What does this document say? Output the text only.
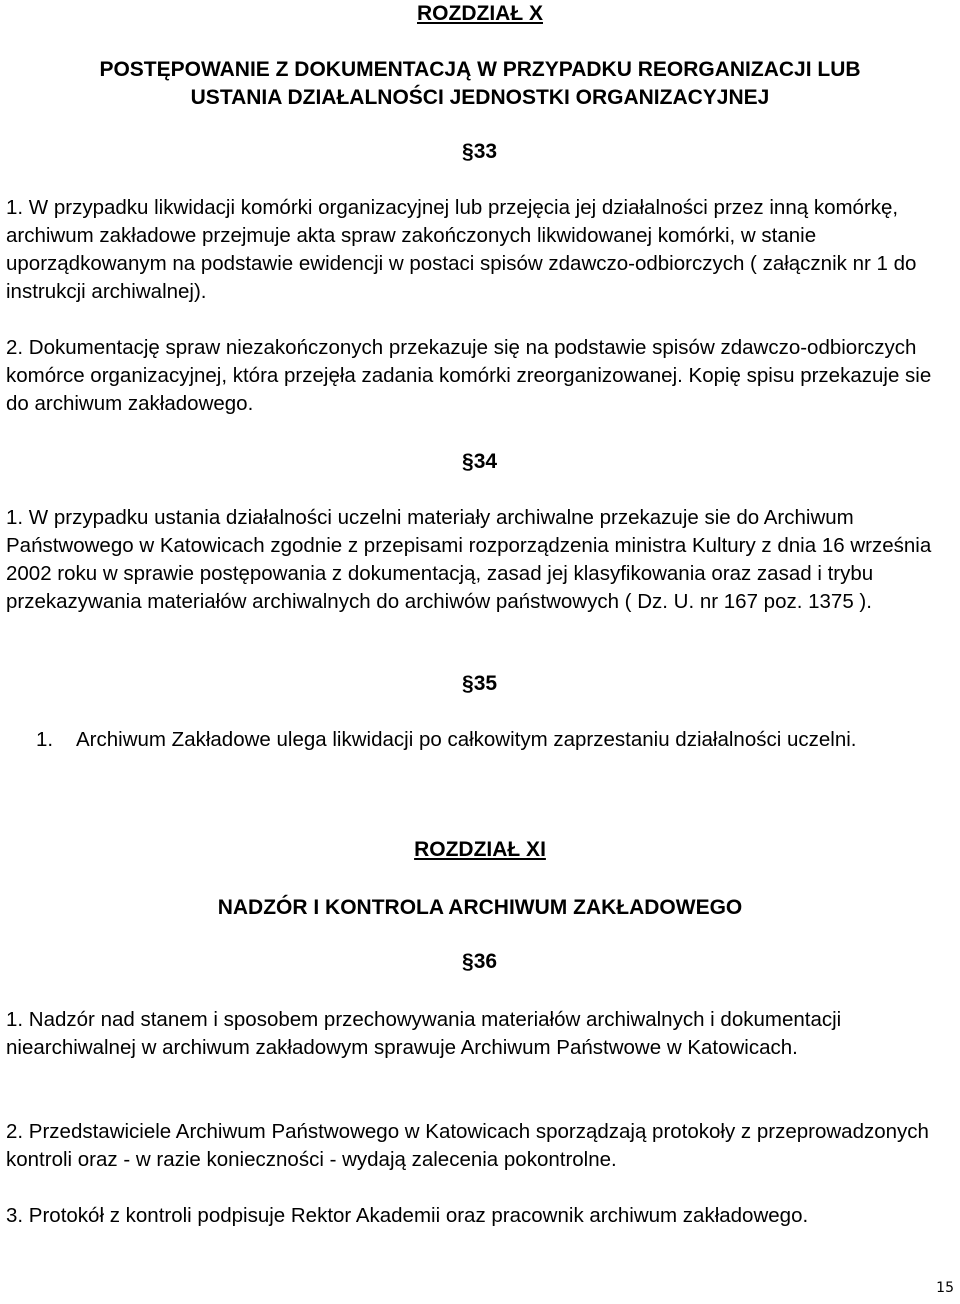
ROZDZIAŁ X
POSTĘPOWANIE Z DOKUMENTACJĄ W PRZYPADKU REORGANIZACJI LUB
USTANIA DZIAŁALNOŚCI JEDNOSTKI ORGANIZACYJNEJ
§33

1. W przypadku likwidacji komórki organizacyjnej lub przejęcia jej działalności przez inną komórkę, archiwum zakładowe przejmuje akta spraw zakończonych likwidowanej komórki, w stanie uporządkowanym na podstawie ewidencji w postaci spisów zdawczo-odbiorczych ( załącznik nr 1 do instrukcji archiwalnej).

2. Dokumentację spraw niezakończonych przekazuje się na podstawie spisów zdawczo-odbiorczych komórce organizacyjnej, która przejęła zadania komórki zreorganizowanej. Kopię spisu przekazuje sie do archiwum zakładowego.

§34

1. W przypadku ustania działalności uczelni materiały archiwalne przekazuje sie do Archiwum Państwowego w Katowicach zgodnie z przepisami rozporządzenia ministra Kultury z dnia 16 września 2002 roku w sprawie postępowania z dokumentacją, zasad jej klasyfikowania oraz zasad i trybu przekazywania materiałów archiwalnych do archiwów państwowych ( Dz. U. nr 167 poz. 1375 ).

§35
1. Archiwum Zakładowe ulega likwidacji po całkowitym zaprzestaniu działalności uczelni.
ROZDZIAŁ XI
NADZÓR I KONTROLA ARCHIWUM ZAKŁADOWEGO
§36

1. Nadzór nad stanem i sposobem przechowywania materiałów archiwalnych i dokumentacji niearchiwalnej w archiwum zakładowym sprawuje Archiwum Państwowe w Katowicach.

2. Przedstawiciele Archiwum Państwowego w Katowicach sporządzają protokoły z przeprowadzonych kontroli oraz - w razie konieczności - wydają zalecenia pokontrolne.

3. Protokół z kontroli podpisuje Rektor Akademii oraz pracownik archiwum zakładowego.

15
